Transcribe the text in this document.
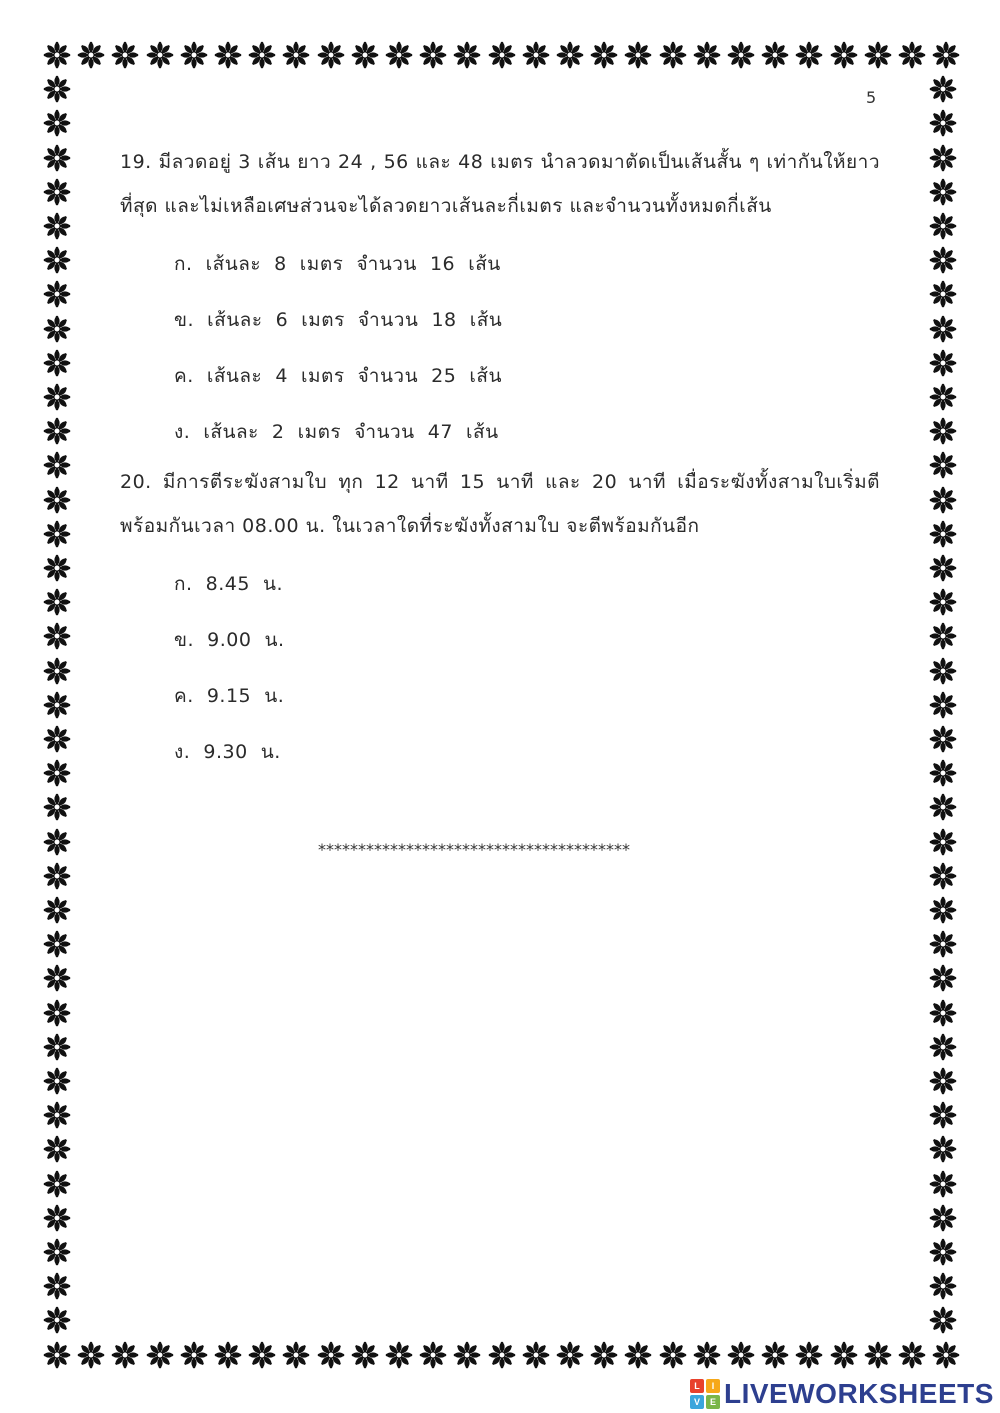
5

19. มีลวดอยู่ 3 เส้น ยาว 24 , 56 และ 48 เมตร นำลวดมาตัดเป็นเส้นสั้น ๆ เท่ากันให้ยาวที่สุด และไม่เหลือเศษส่วนจะได้ลวดยาวเส้นละกี่เมตร และจำนวนทั้งหมดกี่เส้น

ก.  เส้นละ  8  เมตร  จำนวน  16  เส้น
ข.  เส้นละ  6  เมตร  จำนวน  18  เส้น
ค.  เส้นละ  4  เมตร  จำนวน  25  เส้น
ง.  เส้นละ  2  เมตร  จำนวน  47  เส้น

20. มีการตีระฆังสามใบ ทุก 12 นาที 15 นาที และ 20 นาที เมื่อระฆังทั้งสามใบเริ่มตีพร้อมกันเวลา 08.00 น. ในเวลาใดที่ระฆังทั้งสามใบ จะตีพร้อมกันอีก

ก.  8.45  น.
ข.  9.00  น.
ค.  9.15  น.
ง.  9.30  น.
***************************************
L	I
V	E LIVEWORKSHEETS
